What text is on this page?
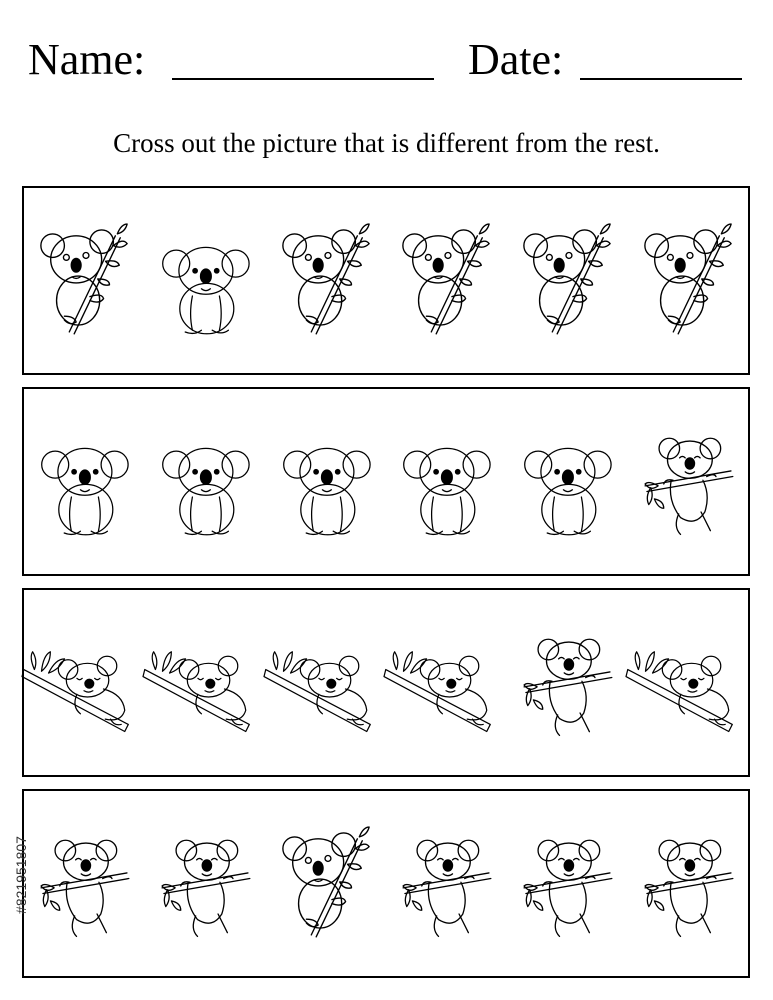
Name:	Date:
Cross out the picture that is different from the rest.
#821951807
